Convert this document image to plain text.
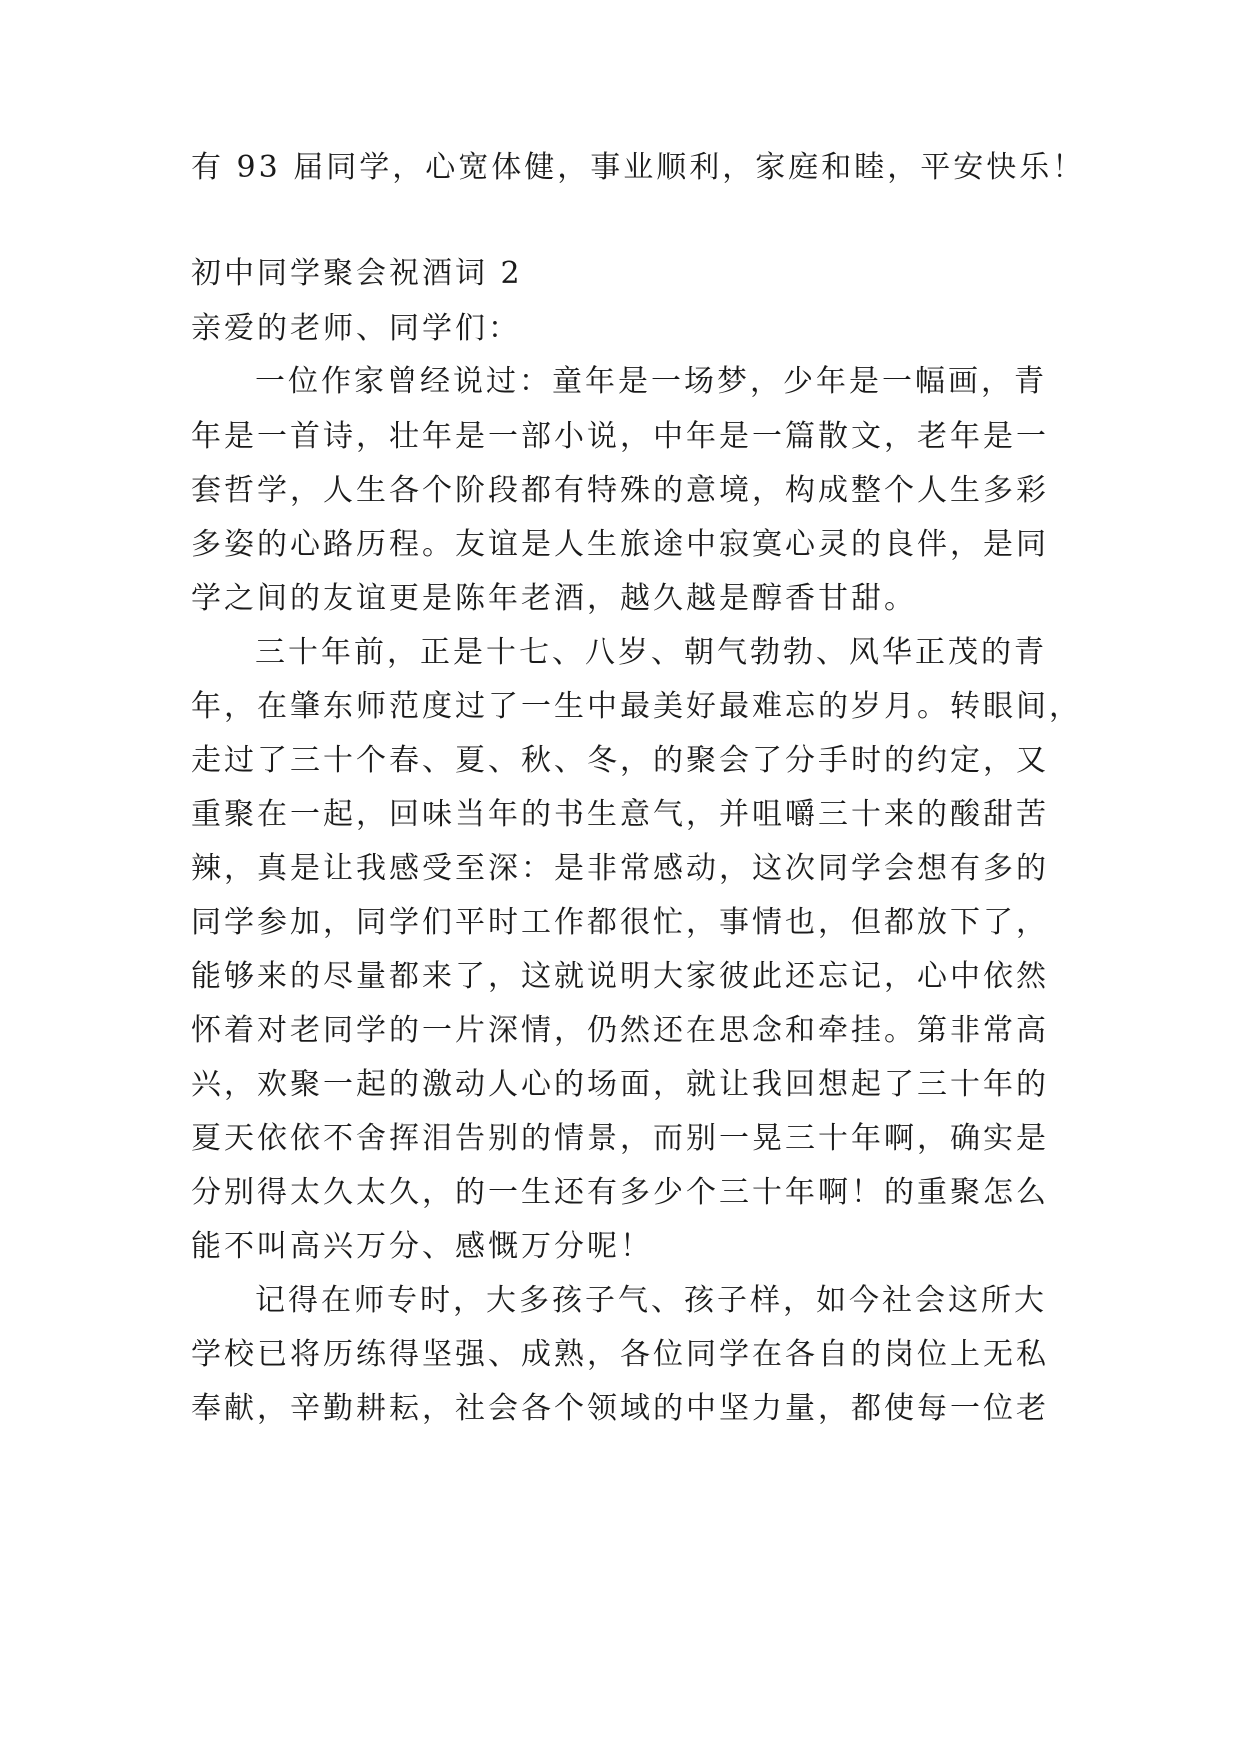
有 93 届同学，心宽体健，事业顺利，家庭和睦，平安快乐！
初中同学聚会祝酒词 2
亲爱的老师、同学们：
一位作家曾经说过：童年是一场梦，少年是一幅画，青
年是一首诗，壮年是一部小说，中年是一篇散文，老年是一
套哲学，人生各个阶段都有特殊的意境，构成整个人生多彩
多姿的心路历程。友谊是人生旅途中寂寞心灵的良伴，是同
学之间的友谊更是陈年老酒，越久越是醇香甘甜。
三十年前，正是十七、八岁、朝气勃勃、风华正茂的青
年，在肇东师范度过了一生中最美好最难忘的岁月。转眼间，
走过了三十个春、夏、秋、冬，的聚会了分手时的约定，又
重聚在一起，回味当年的书生意气，并咀嚼三十来的酸甜苦
辣，真是让我感受至深：是非常感动，这次同学会想有多的
同学参加，同学们平时工作都很忙，事情也，但都放下了，
能够来的尽量都来了，这就说明大家彼此还忘记，心中依然
怀着对老同学的一片深情，仍然还在思念和牵挂。第非常高
兴，欢聚一起的激动人心的场面，就让我回想起了三十年的
夏天依依不舍挥泪告别的情景，而别一晃三十年啊，确实是
分别得太久太久，的一生还有多少个三十年啊！的重聚怎么
能不叫高兴万分、感慨万分呢！
记得在师专时，大多孩子气、孩子样，如今社会这所大
学校已将历练得坚强、成熟，各位同学在各自的岗位上无私
奉献，辛勤耕耘，社会各个领域的中坚力量，都使每一位老
